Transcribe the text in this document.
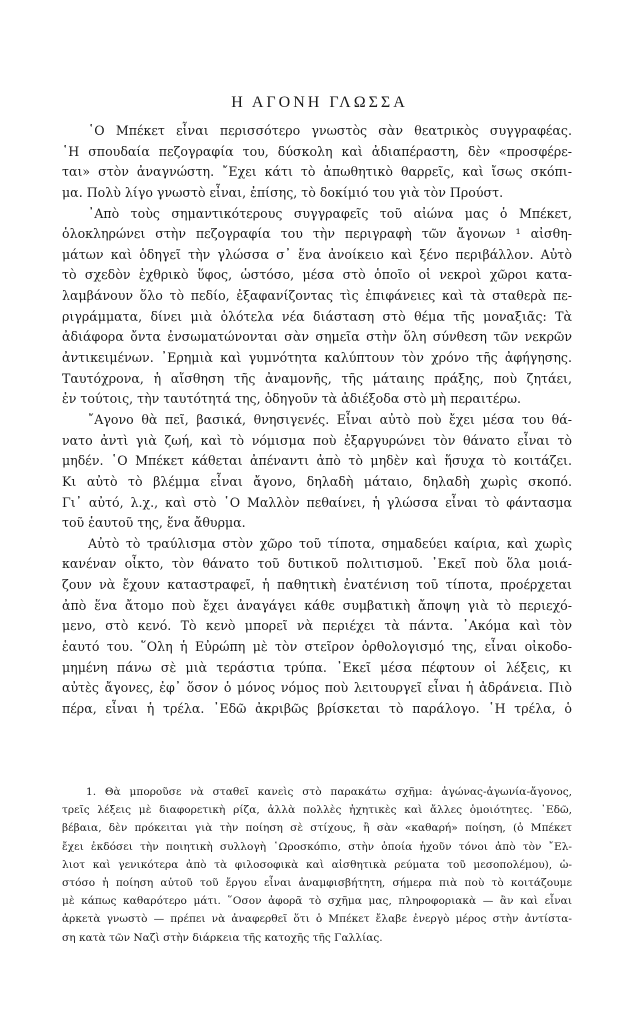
Η ΑΓΟΝΗ ΓΛΩΣΣΑ
῾Ο Μπέκετ εἶναι περισσότερο γνωστὸς σὰν θεατρικὸς συγγραφέας.
῾Η σπουδαία πεζογραφία του, δύσκολη καὶ ἀδιαπέραστη, δὲν «προσφέρε-
ται» στὸν ἀναγνώστη. ῎Εχει κάτι τὸ ἀπωθητικὸ θαρρεῖς, καὶ ἴσως σκόπι-
μα. Πολὺ λίγο γνωστὸ εἶναι, ἐπίσης, τὸ δοκίμιό του γιὰ τὸν Προύστ.
᾿Απὸ τοὺς σημαντικότερους συγγραφεῖς τοῦ αἰώνα μας ὁ Μπέκετ,
ὁλοκληρώνει στὴν πεζογραφία του τὴν περιγραφὴ τῶν ἄγονων ¹ αἰσθη-
μάτων καὶ ὁδηγεῖ τὴν γλώσσα σ᾿ ἕνα ἀνοίκειο καὶ ξένο περιβάλλον. Αὐτὸ
τὸ σχεδὸν ἐχθρικὸ ὕφος, ὡστόσο, μέσα στὸ ὁποῖο οἱ νεκροὶ χῶροι κατα-
λαμβάνουν ὅλο τὸ πεδίο, ἐξαφανίζοντας τὶς ἐπιφάνειες καὶ τὰ σταθερὰ πε-
ριγράμματα, δίνει μιὰ ὁλότελα νέα διάσταση στὸ θέμα τῆς μοναξιᾶς: Τὰ
ἀδιάφορα ὄντα ἐνσωματώνονται σὰν σημεῖα στὴν ὅλη σύνθεση τῶν νεκρῶν
ἀντικειμένων. ᾿Ερημιὰ καὶ γυμνότητα καλύπτουν τὸν χρόνο τῆς ἀφήγησης.
Ταυτόχρονα, ἡ αἴσθηση τῆς ἀναμονῆς, τῆς μάταιης πράξης, ποὺ ζητάει,
ἐν τούτοις, τὴν ταυτότητά της, ὁδηγοῦν τὰ ἀδιέξοδα στὸ μὴ περαιτέρω.
῎Αγονο θὰ πεῖ, βασικά, θνησιγενές. Εἶναι αὐτὸ ποὺ ἔχει μέσα του θά-
νατο ἀντὶ γιὰ ζωή, καὶ τὸ νόμισμα ποὺ ἐξαργυρώνει τὸν θάνατο εἶναι τὸ
μηδέν. ῾Ο Μπέκετ κάθεται ἀπέναντι ἀπὸ τὸ μηδὲν καὶ ἥσυχα τὸ κοιτάζει.
Κι αὐτὸ τὸ βλέμμα εἶναι ἄγονο, δηλαδὴ μάταιο, δηλαδὴ χωρὶς σκοπό.
Γι᾿ αὐτό, λ.χ., καὶ στὸ ῾Ο Μαλλὸν πεθαίνει, ἡ γλώσσα εἶναι τὸ φάντασμα
τοῦ ἑαυτοῦ της, ἕνα ἄθυρμα.
Αὐτὸ τὸ τραύλισμα στὸν χῶρο τοῦ τίποτα, σημαδεύει καίρια, καὶ χωρὶς
κανέναν οἶκτο, τὸν θάνατο τοῦ δυτικοῦ πολιτισμοῦ. ᾿Εκεῖ ποὺ ὅλα μοιά-
ζουν νὰ ἔχουν καταστραφεῖ, ἡ παθητικὴ ἐνατένιση τοῦ τίποτα, προέρχεται
ἀπὸ ἕνα ἄτομο ποὺ ἔχει ἀναγάγει κάθε συμβατικὴ ἄποψη γιὰ τὸ περιεχό-
μενο, στὸ κενό. Τὸ κενὸ μπορεῖ νὰ περιέχει τὰ πάντα. ᾿Ακόμα καὶ τὸν
ἑαυτό του. ῞Ολη ἡ Εὐρώπη μὲ τὸν στεῖρον ὀρθολογισμό της, εἶναι οἰκοδο-
μημένη πάνω σὲ μιὰ τεράστια τρύπα. ᾿Εκεῖ μέσα πέφτουν οἱ λέξεις, κι
αὐτὲς ἄγονες, ἐφ᾿ ὅσον ὁ μόνος νόμος ποὺ λειτουργεῖ εἶναι ἡ ἀδράνεια. Πιὸ
πέρα, εἶναι ἡ τρέλα. ᾿Εδῶ ἀκριβῶς βρίσκεται τὸ παράλογο. ῾Η τρέλα, ὁ
1. Θὰ μποροῦσε νὰ σταθεῖ κανεὶς στὸ παρακάτω σχῆμα: ἀγώνας-ἀγωνία-ἄγονος,
τρεῖς λέξεις μὲ διαφορετικὴ ρίζα, ἀλλὰ πολλὲς ἠχητικὲς καὶ ἄλλες ὁμοιότητες. ᾿Εδῶ,
βέβαια, δὲν πρόκειται γιὰ τὴν ποίηση σὲ στίχους, ἢ σὰν «καθαρή» ποίηση, (ὁ Μπέκετ
ἔχει ἐκδόσει τὴν ποιητικὴ συλλογὴ ῾Ωροσκόπιο, στὴν ὁποία ἠχοῦν τόνοι ἀπὸ τὸν ῎Ελ-
λιοτ καὶ γενικότερα ἀπὸ τὰ φιλοσοφικὰ καὶ αἰσθητικὰ ρεύματα τοῦ μεσοπολέμου), ὡ-
στόσο ἡ ποίηση αὐτοῦ τοῦ ἔργου εἶναι ἀναμφισβήτητη, σήμερα πιὰ ποὺ τὸ κοιτάζουμε
μὲ κάπως καθαρότερο μάτι. ῞Οσον ἀφορᾶ τὸ σχῆμα μας, πληροφοριακὰ — ἂν καὶ εἶναι
ἀρκετὰ γνωστὸ — πρέπει νὰ ἀναφερθεῖ ὅτι ὁ Μπέκετ ἔλαβε ἐνεργὸ μέρος στὴν ἀντίστα-
ση κατὰ τῶν Ναζὶ στὴν διάρκεια τῆς κατοχῆς τῆς Γαλλίας.
